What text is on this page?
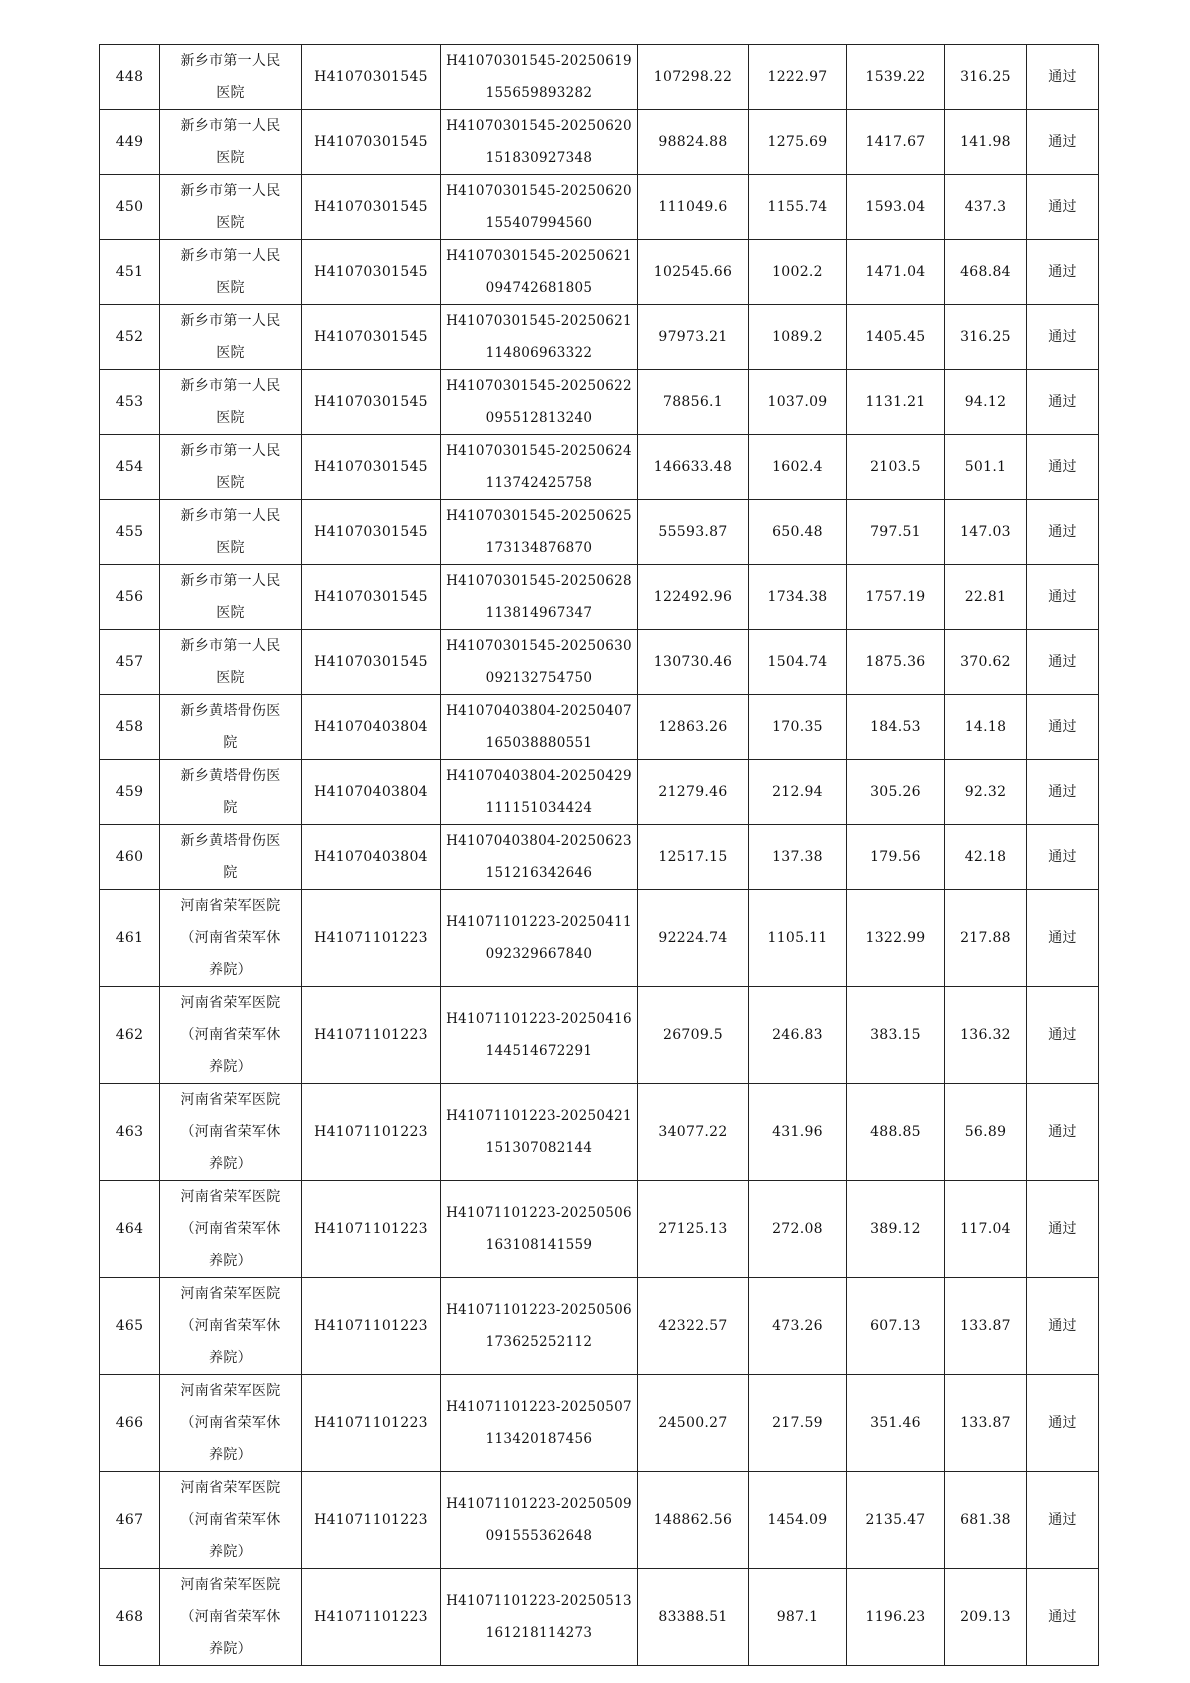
448	新乡市第一人民
医院	H41070301545	H41070301545-20250619
155659893282	107298.22	1222.97	1539.22	316.25	通过
449	新乡市第一人民
医院	H41070301545	H41070301545-20250620
151830927348	98824.88	1275.69	1417.67	141.98	通过
450	新乡市第一人民
医院	H41070301545	H41070301545-20250620
155407994560	111049.6	1155.74	1593.04	437.3	通过
451	新乡市第一人民
医院	H41070301545	H41070301545-20250621
094742681805	102545.66	1002.2	1471.04	468.84	通过
452	新乡市第一人民
医院	H41070301545	H41070301545-20250621
114806963322	97973.21	1089.2	1405.45	316.25	通过
453	新乡市第一人民
医院	H41070301545	H41070301545-20250622
095512813240	78856.1	1037.09	1131.21	94.12	通过
454	新乡市第一人民
医院	H41070301545	H41070301545-20250624
113742425758	146633.48	1602.4	2103.5	501.1	通过
455	新乡市第一人民
医院	H41070301545	H41070301545-20250625
173134876870	55593.87	650.48	797.51	147.03	通过
456	新乡市第一人民
医院	H41070301545	H41070301545-20250628
113814967347	122492.96	1734.38	1757.19	22.81	通过
457	新乡市第一人民
医院	H41070301545	H41070301545-20250630
092132754750	130730.46	1504.74	1875.36	370.62	通过
458	新乡黄塔骨伤医
院	H41070403804	H41070403804-20250407
165038880551	12863.26	170.35	184.53	14.18	通过
459	新乡黄塔骨伤医
院	H41070403804	H41070403804-20250429
111151034424	21279.46	212.94	305.26	92.32	通过
460	新乡黄塔骨伤医
院	H41070403804	H41070403804-20250623
151216342646	12517.15	137.38	179.56	42.18	通过
461	河南省荣军医院
（河南省荣军休
养院）	H41071101223	H41071101223-20250411
092329667840	92224.74	1105.11	1322.99	217.88	通过
462	河南省荣军医院
（河南省荣军休
养院）	H41071101223	H41071101223-20250416
144514672291	26709.5	246.83	383.15	136.32	通过
463	河南省荣军医院
（河南省荣军休
养院）	H41071101223	H41071101223-20250421
151307082144	34077.22	431.96	488.85	56.89	通过
464	河南省荣军医院
（河南省荣军休
养院）	H41071101223	H41071101223-20250506
163108141559	27125.13	272.08	389.12	117.04	通过
465	河南省荣军医院
（河南省荣军休
养院）	H41071101223	H41071101223-20250506
173625252112	42322.57	473.26	607.13	133.87	通过
466	河南省荣军医院
（河南省荣军休
养院）	H41071101223	H41071101223-20250507
113420187456	24500.27	217.59	351.46	133.87	通过
467	河南省荣军医院
（河南省荣军休
养院）	H41071101223	H41071101223-20250509
091555362648	148862.56	1454.09	2135.47	681.38	通过
468	河南省荣军医院
（河南省荣军休
养院）	H41071101223	H41071101223-20250513
161218114273	83388.51	987.1	1196.23	209.13	通过
